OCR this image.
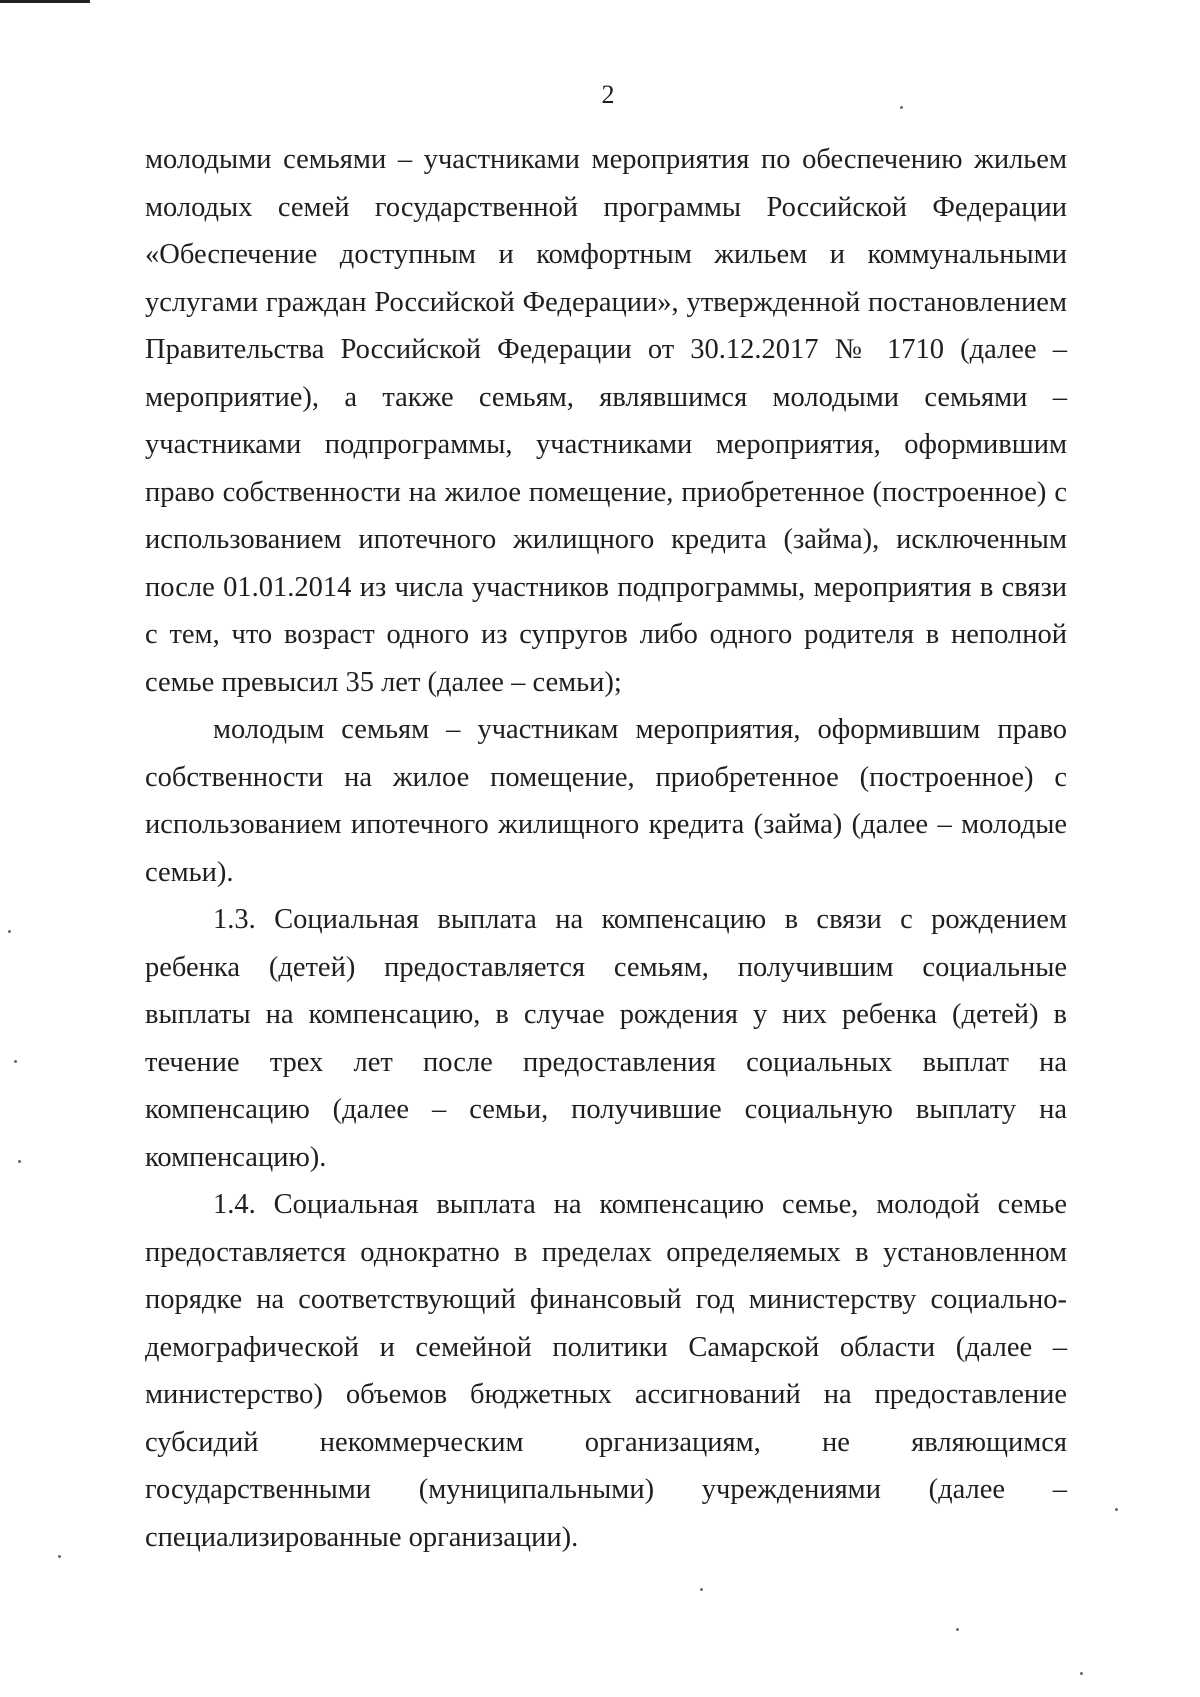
2

молодыми семьями – участниками мероприятия по обеспечению жильем молодых семей государственной программы Российской Федерации «Обеспечение доступным и комфортным жильем и коммунальными услугами граждан Российской Федерации», утвержденной постановлением Правительства Российской Федерации от 30.12.2017 № 1710 (далее – мероприятие), а также семьям, являвшимся молодыми семьями – участниками подпрограммы, участниками мероприятия, оформившим право собственности на жилое помещение, приобретенное (построенное) с использованием ипотечного жилищного кредита (займа), исключенным после 01.01.2014 из числа участников подпрограммы, мероприятия в связи с тем, что возраст одного из супругов либо одного родителя в неполной семье превысил 35 лет (далее – семьи);

молодым семьям – участникам мероприятия, оформившим право собственности на жилое помещение, приобретенное (построенное) с использованием ипотечного жилищного кредита (займа) (далее – молодые семьи).

1.3. Социальная выплата на компенсацию в связи с рождением ребенка (детей) предоставляется семьям, получившим социальные выплаты на компенсацию, в случае рождения у них ребенка (детей) в течение трех лет после предоставления социальных выплат на компенсацию (далее – семьи, получившие социальную выплату на компенсацию).

1.4. Социальная выплата на компенсацию семье, молодой семье предоставляется однократно в пределах определяемых в установленном порядке на соответствующий финансовый год министерству социально-демографической и семейной политики Самарской области (далее – министерство) объемов бюджетных ассигнований на предоставление субсидий некоммерческим организациям, не являющимся государственными (муниципальными) учреждениями (далее – специализированные организации).
